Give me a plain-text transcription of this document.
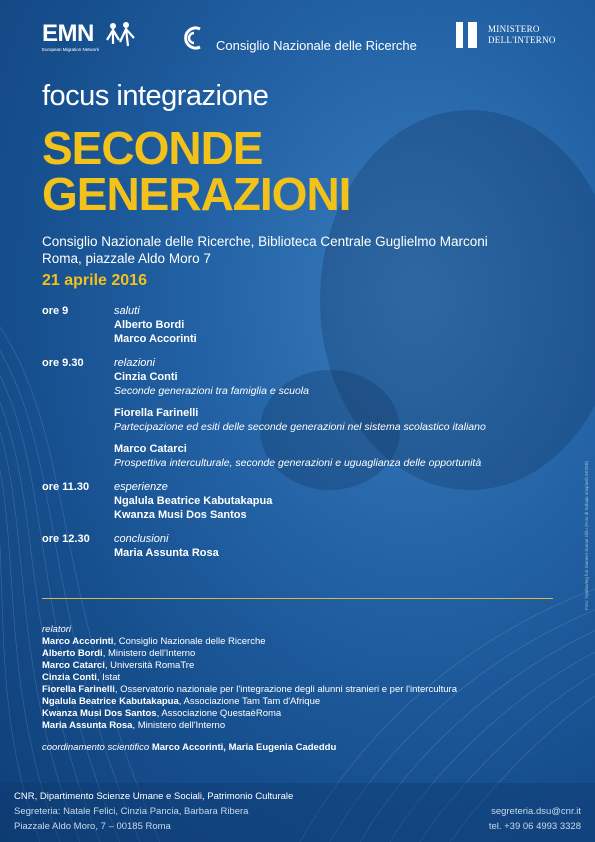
EMN
European Migration Network	Consiglio Nazionale delle Ricerche
MINISTERO
DELL'INTERNO
focus integrazione
SECONDE
GENERAZIONI
Consiglio Nazionale delle Ricerche, Biblioteca Centrale Guglielmo Marconi
Roma, piazzale Aldo Moro 7
21 aprile 2016
ore 9	saluti
Alberto Bordi
Marco Accorinti
ore 9.30	relazioni
Cinzia Conti
Seconde generazioni tra famiglia e scuola
Fiorella Farinelli
Partecipazione ed esiti delle seconde generazioni nel sistema scolastico italiano
Marco Catarci
Prospettiva interculturale, seconde generazioni e uguaglianza delle opportunità
ore 11.30 esperienze
Ngalula Beatrice Kabutakapua
Kwanza Musi Dos Santos
ore 12.30 conclusioni
Maria Assunta Rosa
relatori
Marco Accorinti, Consiglio Nazionale delle Ricerche
Alberto Bordi, Ministero dell'Interno
Marco Catarci, Università RomaTre
Cinzia Conti, Istat
Fiorella Farinelli, Osservatorio nazionale per l'integrazione degli alunni stranieri e per l'intercultura
Ngalula Beatrice Kabutakapua, Associazione Tam Tam d'Afrique
Kwanza Musi Dos Santos, Associazione QuestaèRoma
Maria Assunta Rosa, Ministero dell'Interno
coordinamento scientifico Marco Accorinti, Maria Eugenia Cadeddu
Foto: Nyahaving fun Sameer Kumar Dillu (Foto di Sahaja unsplash 5K25B)
CNR, Dipartimento Scienze Umane e Sociali, Patrimonio Culturale
Segreteria: Natale Felici, Cinzia Pancia, Barbara Ribera
Piazzale Aldo Moro, 7 – 00185 Roma
segreteria.dsu@cnr.it
tel. +39 06 4993 3328
